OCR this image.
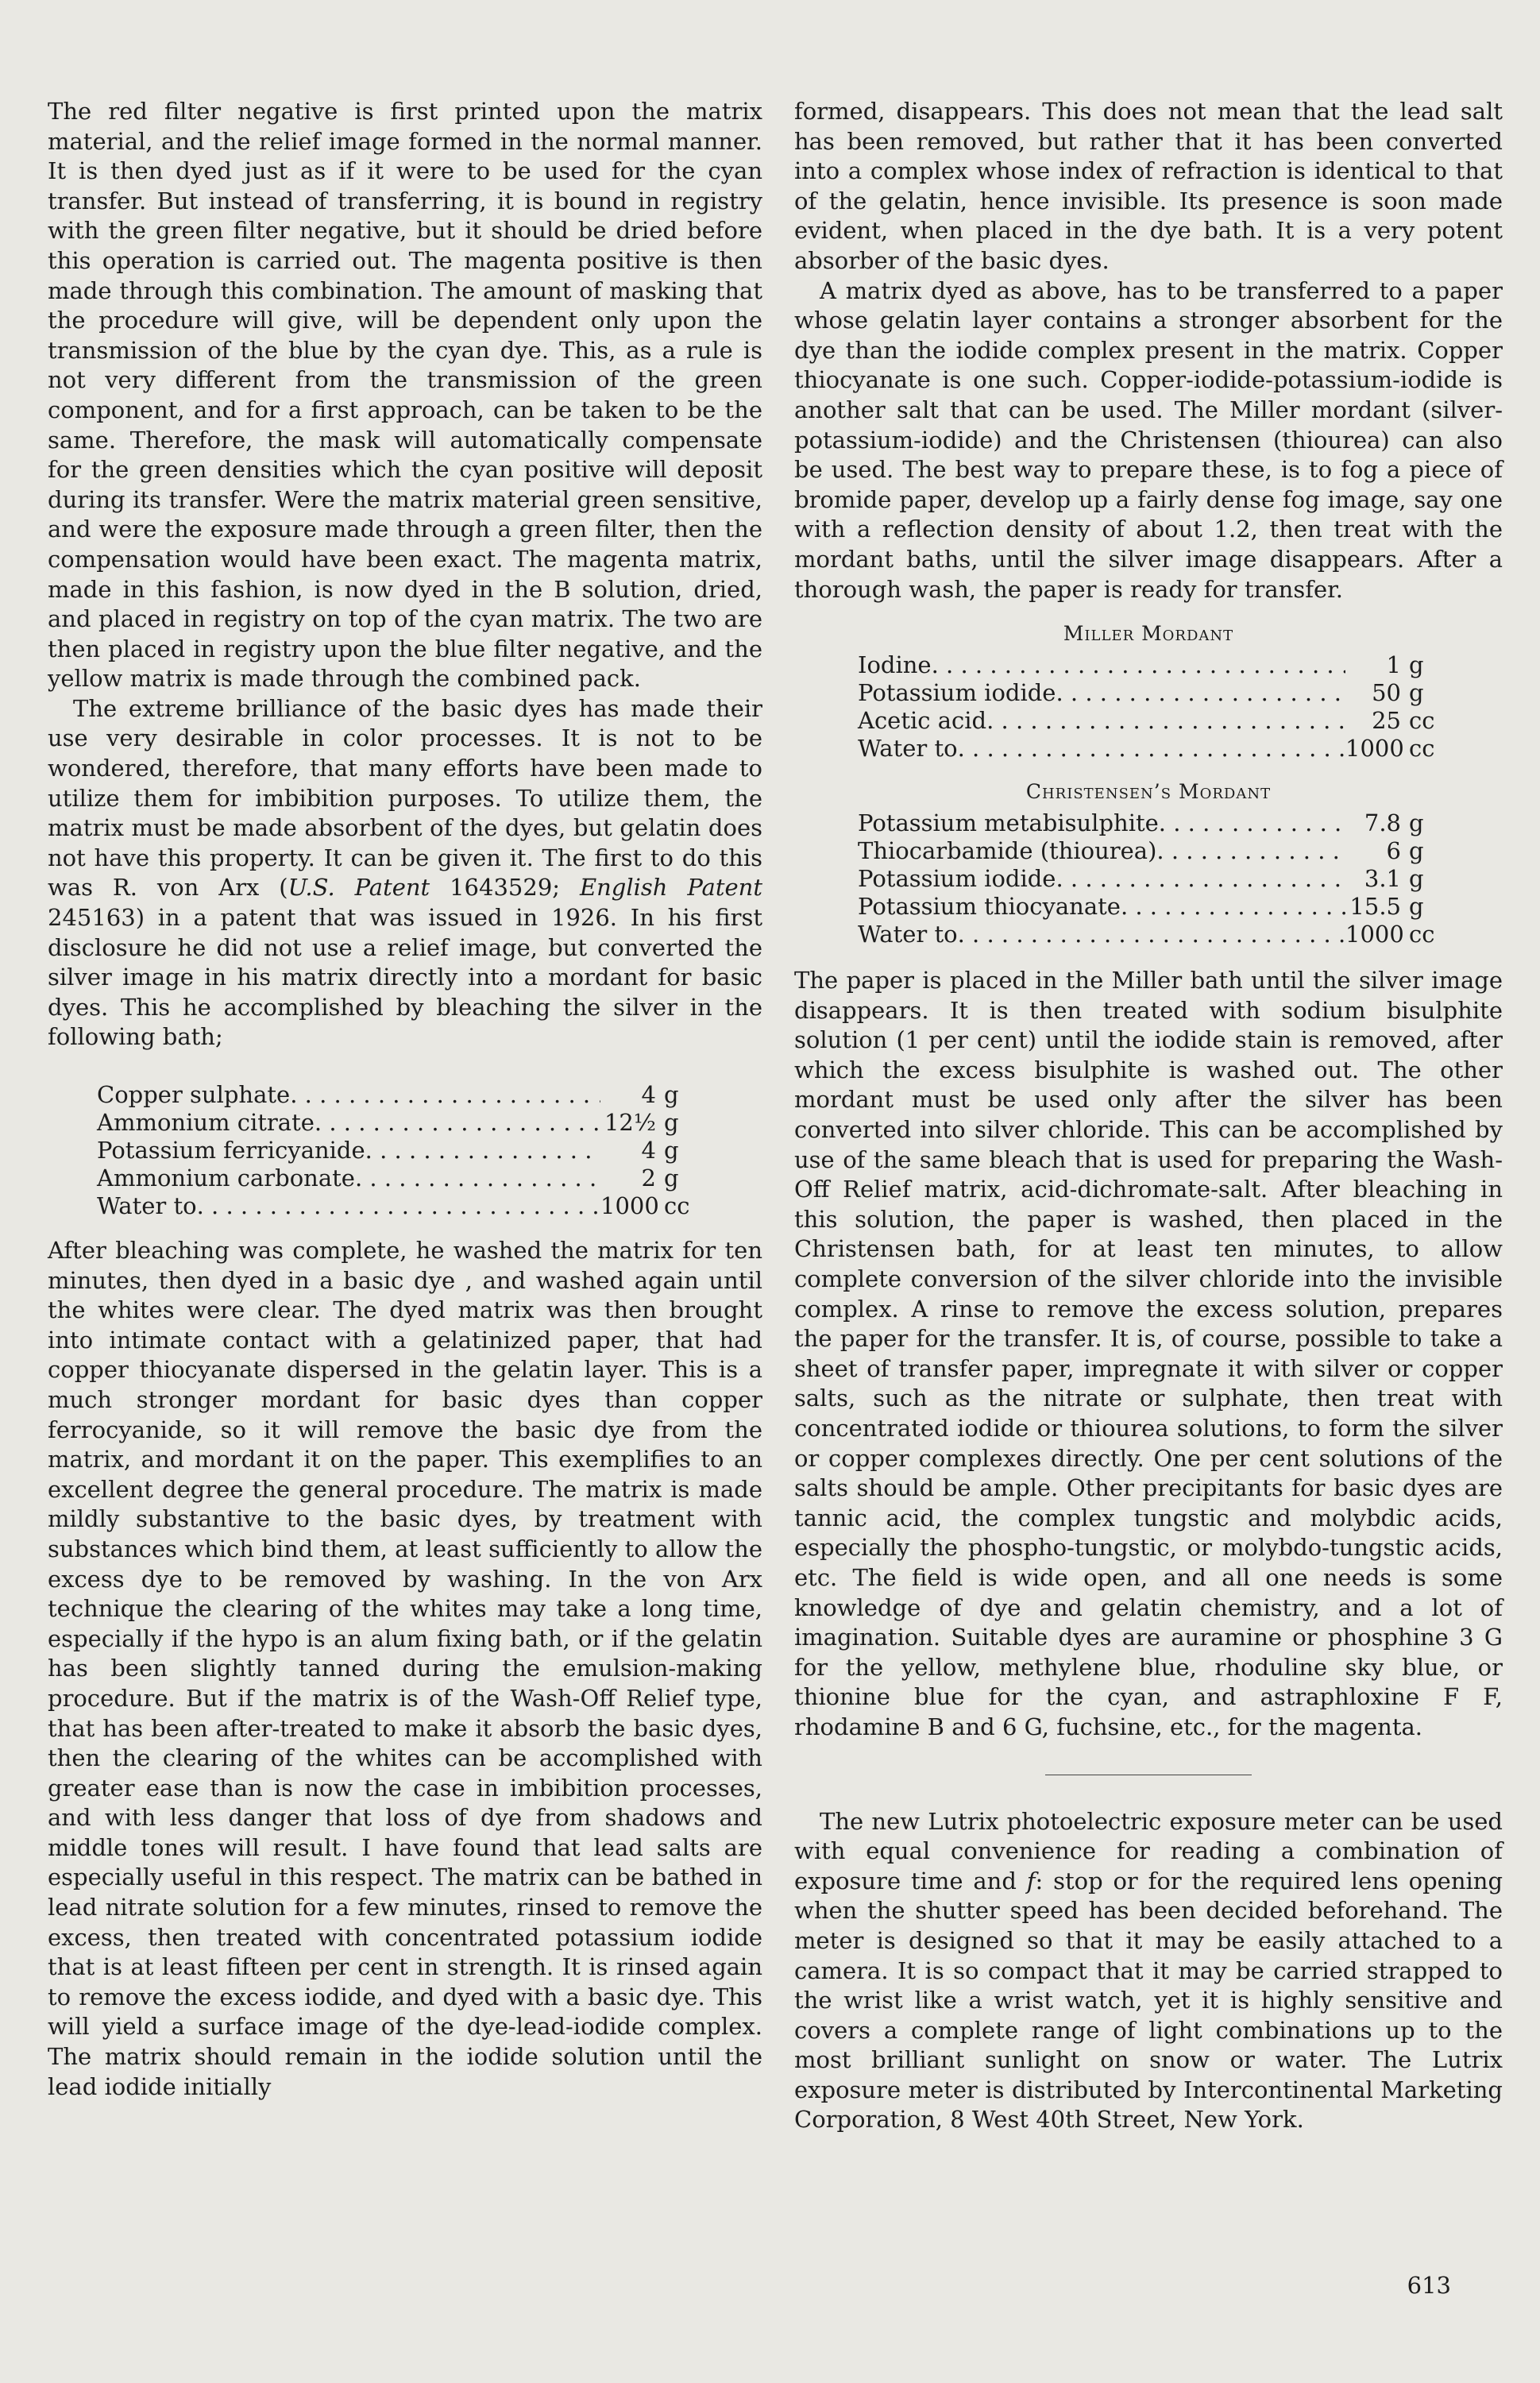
The red filter negative is first printed upon the matrix material, and the relief image formed in the normal manner. It is then dyed just as if it were to be used for the cyan transfer. But instead of transferring, it is bound in registry with the green filter negative, but it should be dried before this operation is carried out. The magenta positive is then made through this combination. The amount of masking that the procedure will give, will be dependent only upon the transmission of the blue by the cyan dye. This, as a rule is not very different from the transmission of the green component, and for a first approach, can be taken to be the same. Therefore, the mask will automatically compensate for the green densities which the cyan positive will deposit during its transfer. Were the matrix material green sensitive, and were the exposure made through a green filter, then the compensation would have been exact. The magenta matrix, made in this fashion, is now dyed in the B solution, dried, and placed in registry on top of the cyan matrix. The two are then placed in registry upon the blue filter negative, and the yellow matrix is made through the combined pack.

The extreme brilliance of the basic dyes has made their use very desirable in color processes. It is not to be wondered, therefore, that many efforts have been made to utilize them for imbibition purposes. To utilize them, the matrix must be made absorbent of the dyes, but gelatin does not have this property. It can be given it. The first to do this was R. von Arx (U.S. Patent 1643529; English Patent 245163) in a patent that was issued in 1926. In his first disclosure he did not use a relief image, but converted the silver image in his matrix directly into a mordant for basic dyes. This he accomplished by bleaching the silver in the following bath;

Copper sulphate . . .	4 g
Ammonium citrate . . .	12½ g
Potassium ferricyanide . . .	4 g
Ammonium carbonate . . .	2 g
Water to . . .	1000 cc

After bleaching was complete, he washed the matrix for ten minutes, then dyed in a basic dye , and washed again until the whites were clear. The dyed matrix was then brought into intimate contact with a gelatinized paper, that had copper thiocyanate dispersed in the gelatin layer. This is a much stronger mordant for basic dyes than copper ferrocyanide, so it will remove the basic dye from the matrix, and mordant it on the paper. This exemplifies to an excellent degree the general procedure. The matrix is made mildly substantive to the basic dyes, by treatment with substances which bind them, at least sufficiently to allow the excess dye to be removed by washing. In the von Arx technique the clearing of the whites may take a long time, especially if the hypo is an alum fixing bath, or if the gelatin has been slightly tanned during the emulsion-making procedure. But if the matrix is of the Wash-Off Relief type, that has been after-treated to make it absorb the basic dyes, then the clearing of the whites can be accomplished with greater ease than is now the case in imbibition processes, and with less danger that loss of dye from shadows and middle tones will result. I have found that lead salts are especially useful in this respect. The matrix can be bathed in lead nitrate solution for a few minutes, rinsed to remove the excess, then treated with concentrated potassium iodide that is at least fifteen per cent in strength. It is rinsed again to remove the excess iodide, and dyed with a basic dye. This will yield a surface image of the dye-lead-iodide complex. The matrix should remain in the iodide solution until the lead iodide initially

formed, disappears. This does not mean that the lead salt has been removed, but rather that it has been converted into a complex whose index of refraction is identical to that of the gelatin, hence invisible. Its presence is soon made evident, when placed in the dye bath. It is a very potent absorber of the basic dyes.

A matrix dyed as above, has to be transferred to a paper whose gelatin layer contains a stronger absorbent for the dye than the iodide complex present in the matrix. Copper thiocyanate is one such. Copper-iodide-potassium-iodide is another salt that can be used. The Miller mordant (silver-potassium-iodide) and the Christensen (thiourea) can also be used. The best way to prepare these, is to fog a piece of bromide paper, develop up a fairly dense fog image, say one with a reflection density of about 1.2, then treat with the mordant baths, until the silver image disappears. After a thorough wash, the paper is ready for transfer.

Miller Mordant
Iodine . . .	1 g
Potassium iodide . . .	50 g
Acetic acid . . .	25 cc
Water to . . .	1000 cc
Christensen’s Mordant
Potassium metabisulphite . . .	7.8 g
Thiocarbamide (thiourea) . . .	6 g
Potassium iodide . . .	3.1 g
Potassium thiocyanate . . .	15.5 g
Water to . . .	1000 cc

The paper is placed in the Miller bath until the silver image disappears. It is then treated with sodium bisulphite solution (1 per cent) until the iodide stain is removed, after which the excess bisulphite is washed out. The other mordant must be used only after the silver has been converted into silver chloride. This can be accomplished by use of the same bleach that is used for preparing the Wash-Off Relief matrix, acid-dichromate-salt. After bleaching in this solution, the paper is washed, then placed in the Christensen bath, for at least ten minutes, to allow complete conversion of the silver chloride into the invisible complex. A rinse to remove the excess solution, prepares the paper for the transfer. It is, of course, possible to take a sheet of transfer paper, impregnate it with silver or copper salts, such as the nitrate or sulphate, then treat with concentrated iodide or thiourea solutions, to form the silver or copper complexes directly. One per cent solutions of the salts should be ample. Other precipitants for basic dyes are tannic acid, the complex tungstic and molybdic acids, especially the phospho-tungstic, or molybdo-tungstic acids, etc. The field is wide open, and all one needs is some knowledge of dye and gelatin chemistry, and a lot of imagination. Suitable dyes are auramine or phosphine 3 G for the yellow, methylene blue, rhoduline sky blue, or thionine blue for the cyan, and astraphloxine F F, rhodamine B and 6 G, fuchsine, etc., for the magenta.

The new Lutrix photoelectric exposure meter can be used with equal convenience for reading a combination of exposure time and f: stop or for the required lens opening when the shutter speed has been decided beforehand. The meter is designed so that it may be easily attached to a camera. It is so compact that it may be carried strapped to the wrist like a wrist watch, yet it is highly sensitive and covers a complete range of light combinations up to the most brilliant sunlight on snow or water. The Lutrix exposure meter is distributed by Intercontinental Marketing Corporation, 8 West 40th Street, New York.

613
